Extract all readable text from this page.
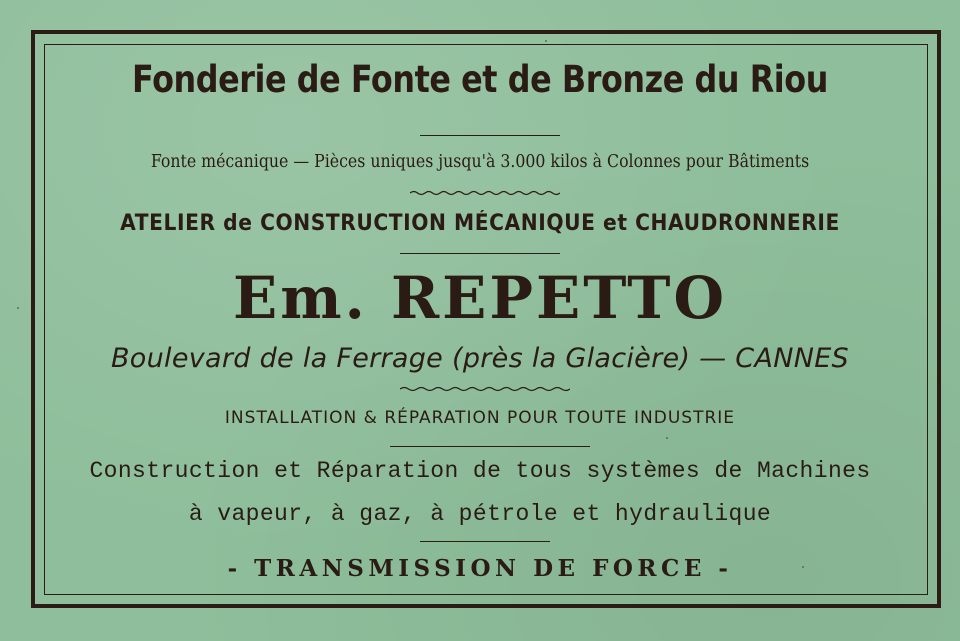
Fonderie de Fonte et de Bronze du Riou
Fonte mécanique — Pièces uniques jusqu'à 3.000 kilos à Colonnes pour Bâtiments
ATELIER de CONSTRUCTION MÉCANIQUE et CHAUDRONNERIE
Em. REPETTO
Boulevard de la Ferrage (près la Glacière) — CANNES
INSTALLATION & RÉPARATION POUR TOUTE INDUSTRIE
Construction et Réparation de tous systèmes de Machines
à vapeur, à gaz, à pétrole et hydraulique
- TRANSMISSION DE FORCE -
